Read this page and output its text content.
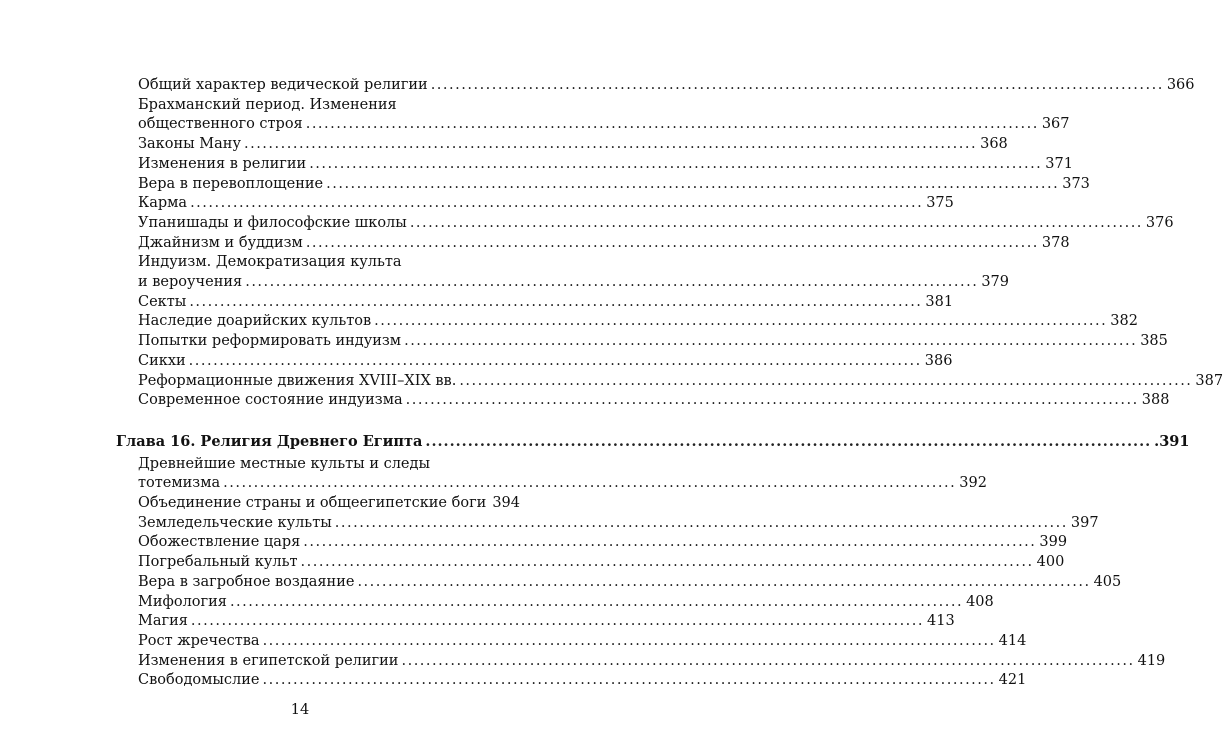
Общий характер ведической религии ........................................................................................................................ 366
Брахманский период. Изменения
общественного строя ........................................................................................................................ 367
Законы Ману ........................................................................................................................ 368
Изменения в религии ........................................................................................................................ 371
Вера в перевоплощение ........................................................................................................................ 373
Карма ........................................................................................................................ 375
Упанишады и философские школы ........................................................................................................................ 376
Джайнизм и буддизм ........................................................................................................................ 378
Индуизм. Демократизация культа
и вероучения ........................................................................................................................ 379
Секты ........................................................................................................................ 381
Наследие доарийских культов ........................................................................................................................ 382
Попытки реформировать индуизм ........................................................................................................................ 385
Сикхи ........................................................................................................................ 386
Реформационные движения XVIII–XIX вв. ........................................................................................................................ 387
Современное состояние индуизма ........................................................................................................................ 388
Глава 16. Религия Древнего Египта ........................................................................................................................ .391
Древнейшие местные культы и следы
тотемизма ........................................................................................................................ 392
Объединение страны и общеегипетские боги 394
Земледельческие культы ........................................................................................................................ 397
Обожествление царя ........................................................................................................................ 399
Погребальный культ ........................................................................................................................ 400
Вера в загробное воздаяние ........................................................................................................................ 405
Мифология ........................................................................................................................ 408
Магия ........................................................................................................................ 413
Рост жречества ........................................................................................................................ 414
Изменения в египетской религии ........................................................................................................................ 419
Свободомыслие ........................................................................................................................ 421
14
